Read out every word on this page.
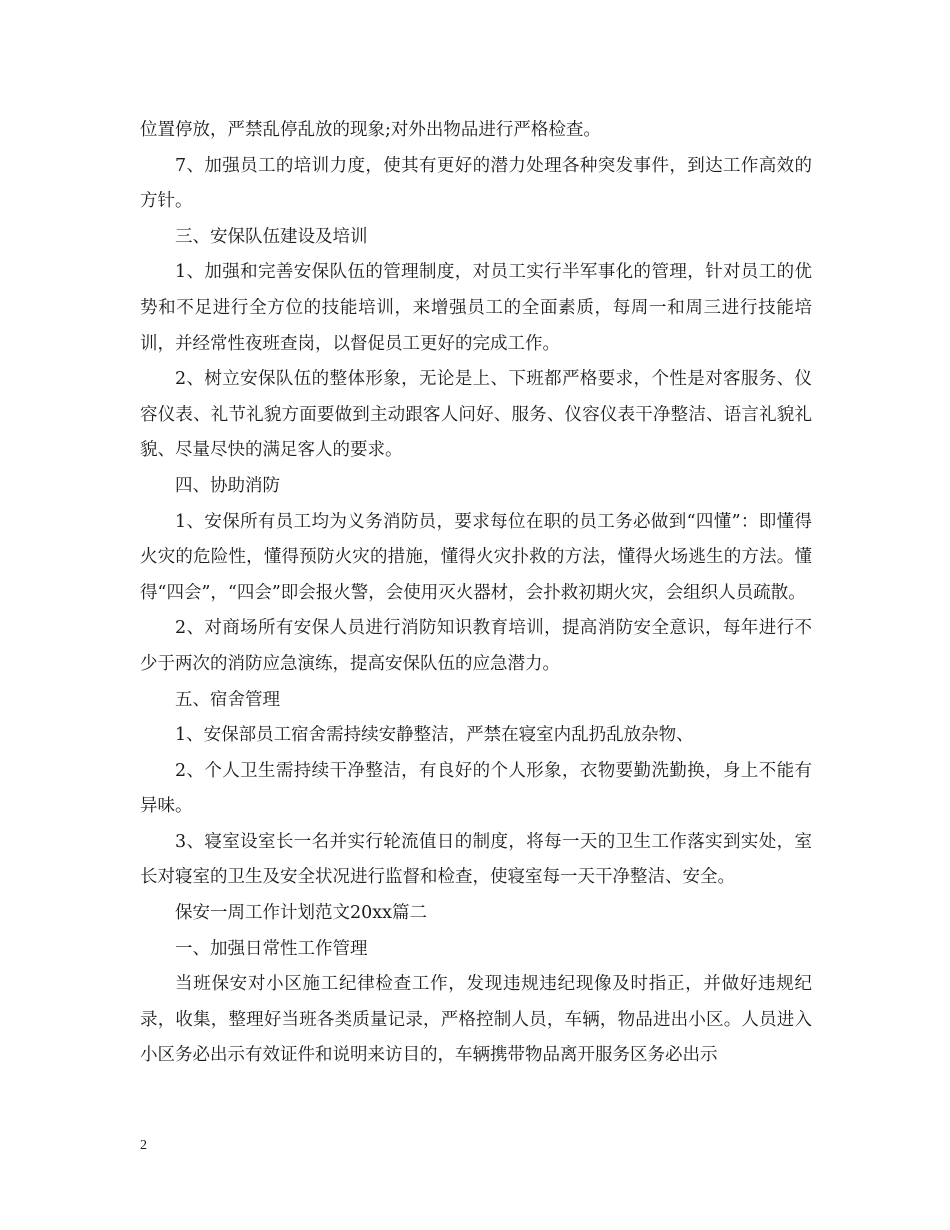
位置停放，严禁乱停乱放的现象;对外出物品进行严格检查。

7、加强员工的培训力度，使其有更好的潜力处理各种突发事件，到达工作高效的方针。

三、安保队伍建设及培训

1、加强和完善安保队伍的管理制度，对员工实行半军事化的管理，针对员工的优势和不足进行全方位的技能培训，来增强员工的全面素质，每周一和周三进行技能培训，并经常性夜班查岗，以督促员工更好的完成工作。

2、树立安保队伍的整体形象，无论是上、下班都严格要求，个性是对客服务、仪容仪表、礼节礼貌方面要做到主动跟客人问好、服务、仪容仪表干净整洁、语言礼貌礼貌、尽量尽快的满足客人的要求。

四、协助消防

1、安保所有员工均为义务消防员，要求每位在职的员工务必做到“四懂”：即懂得火灾的危险性，懂得预防火灾的措施，懂得火灾扑救的方法，懂得火场逃生的方法。懂得“四会”，“四会”即会报火警，会使用灭火器材，会扑救初期火灾，会组织人员疏散。

2、对商场所有安保人员进行消防知识教育培训，提高消防安全意识，每年进行不少于两次的消防应急演练，提高安保队伍的应急潜力。

五、宿舍管理

1、安保部员工宿舍需持续安静整洁，严禁在寝室内乱扔乱放杂物、

2、个人卫生需持续干净整洁，有良好的个人形象，衣物要勤洗勤换，身上不能有异味。

3、寝室设室长一名并实行轮流值日的制度，将每一天的卫生工作落实到实处，室长对寝室的卫生及安全状况进行监督和检查，使寝室每一天干净整洁、安全。

保安一周工作计划范文20xx篇二

一、加强日常性工作管理

当班保安对小区施工纪律检查工作，发现违规违纪现像及时指正，并做好违规纪录，收集，整理好当班各类质量记录，严格控制人员，车辆，物品进出小区。人员进入小区务必出示有效证件和说明来访目的，车辆携带物品离开服务区务必出示

2
